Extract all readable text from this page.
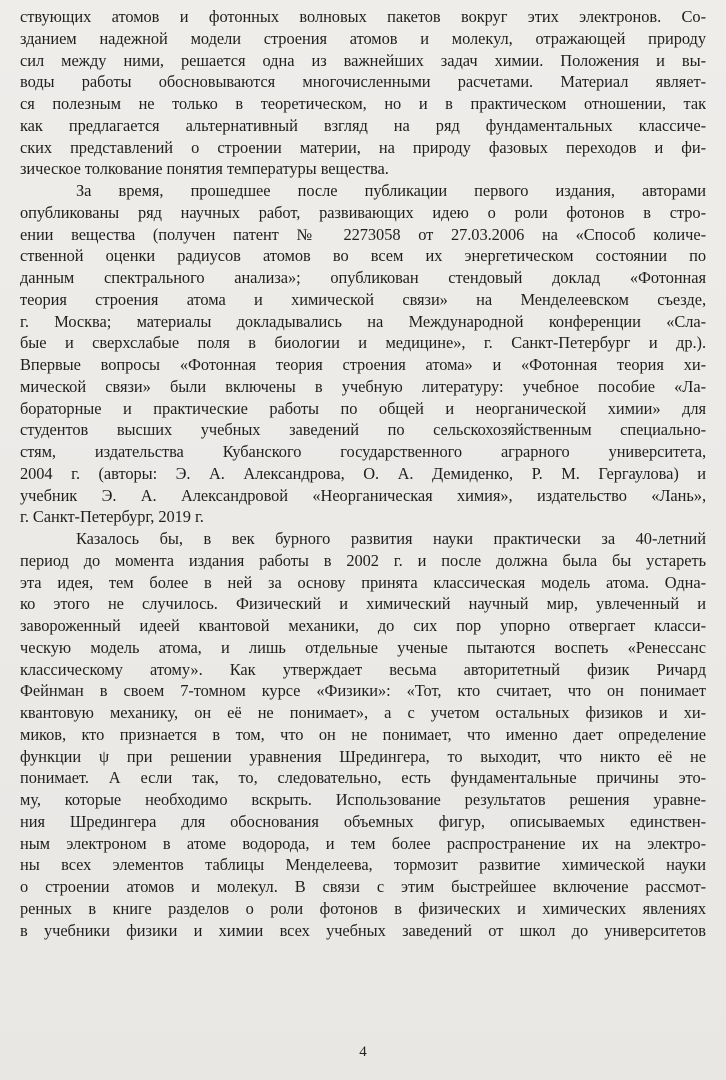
ствующих атомов и фотонных волновых пакетов вокруг этих электронов. Со-
зданием надежной модели строения атомов и молекул, отражающей природу
сил между ними, решается одна из важнейших задач химии. Положения и вы-
воды работы обосновываются многочисленными расчетами. Материал являет-
ся полезным не только в теоретическом, но и в практическом отношении, так
как предлагается альтернативный взгляд на ряд фундаментальных классиче-
ских представлений о строении материи, на природу фазовых переходов и фи-
зическое толкование понятия температуры вещества.
За время, прошедшее после публикации первого издания, авторами
опубликованы ряд научных работ, развивающих идею о роли фотонов в стро-
ении вещества (получен патент № 2273058 от 27.03.2006 на «Способ количе-
ственной оценки радиусов атомов во всем их энергетическом состоянии по
данным спектрального анализа»; опубликован стендовый доклад «Фотонная
теория строения атома и химической связи» на Менделеевском съезде,
г. Москва; материалы докладывались на Международной конференции «Сла-
бые и сверхслабые поля в биологии и медицине», г. Санкт-Петербург и др.).
Впервые вопросы «Фотонная теория строения атома» и «Фотонная теория хи-
мической связи» были включены в учебную литературу: учебное пособие «Ла-
бораторные и практические работы по общей и неорганической химии» для
студентов высших учебных заведений по сельскохозяйственным специально-
стям, издательства Кубанского государственного аграрного университета,
2004 г. (авторы: Э. А. Александрова, О. А. Демиденко, Р. М. Гергаулова) и
учебник Э. А. Александровой «Неорганическая химия», издательство «Лань»,
г. Санкт-Петербург, 2019 г.
Казалось бы, в век бурного развития науки практически за 40-летний
период до момента издания работы в 2002 г. и после должна была бы устареть
эта идея, тем более в ней за основу принята классическая модель атома. Одна-
ко этого не случилось. Физический и химический научный мир, увлеченный и
завороженный идеей квантовой механики, до сих пор упорно отвергает класси-
ческую модель атома, и лишь отдельные ученые пытаются воспеть «Ренессанс
классическому атому». Как утверждает весьма авторитетный физик Ричард
Фейнман в своем 7-томном курсе «Физики»: «Тот, кто считает, что он понимает
квантовую механику, он её не понимает», а с учетом остальных физиков и хи-
миков, кто признается в том, что он не понимает, что именно дает определение
функции ψ при решении уравнения Шредингера, то выходит, что никто её не
понимает. А если так, то, следовательно, есть фундаментальные причины это-
му, которые необходимо вскрыть. Использование результатов решения уравне-
ния Шредингера для обоснования объемных фигур, описываемых единствен-
ным электроном в атоме водорода, и тем более распространение их на электро-
ны всех элементов таблицы Менделеева, тормозит развитие химической науки
о строении атомов и молекул. В связи с этим быстрейшее включение рассмот-
ренных в книге разделов о роли фотонов в физических и химических явлениях
в учебники физики и химии всех учебных заведений от школ до университетов
4
